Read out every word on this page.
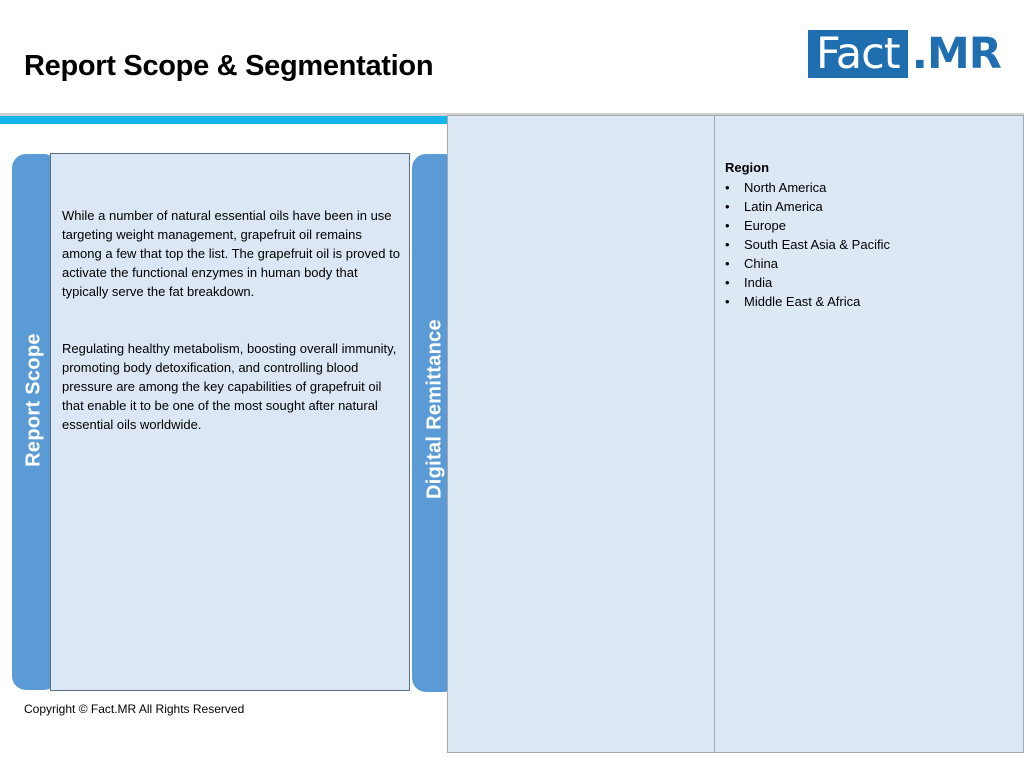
Report Scope & Segmentation	Fact .MR
Report Scope
While a number of natural essential oils have been in use targeting weight management, grapefruit oil remains among a few that top the list. The grapefruit oil is proved to activate the functional enzymes in human body that typically serve the fat breakdown.
Regulating healthy metabolism, boosting overall immunity, promoting body detoxification, and controlling blood pressure are among the key capabilities of grapefruit oil that enable it to be one of the most sought after natural essential oils worldwide.	Digital Remittance
Region
• North America
• Latin America
• Europe
• South East Asia & Pacific
• China
• India
• Middle East & Africa
Copyright © Fact.MR All Rights Reserved
